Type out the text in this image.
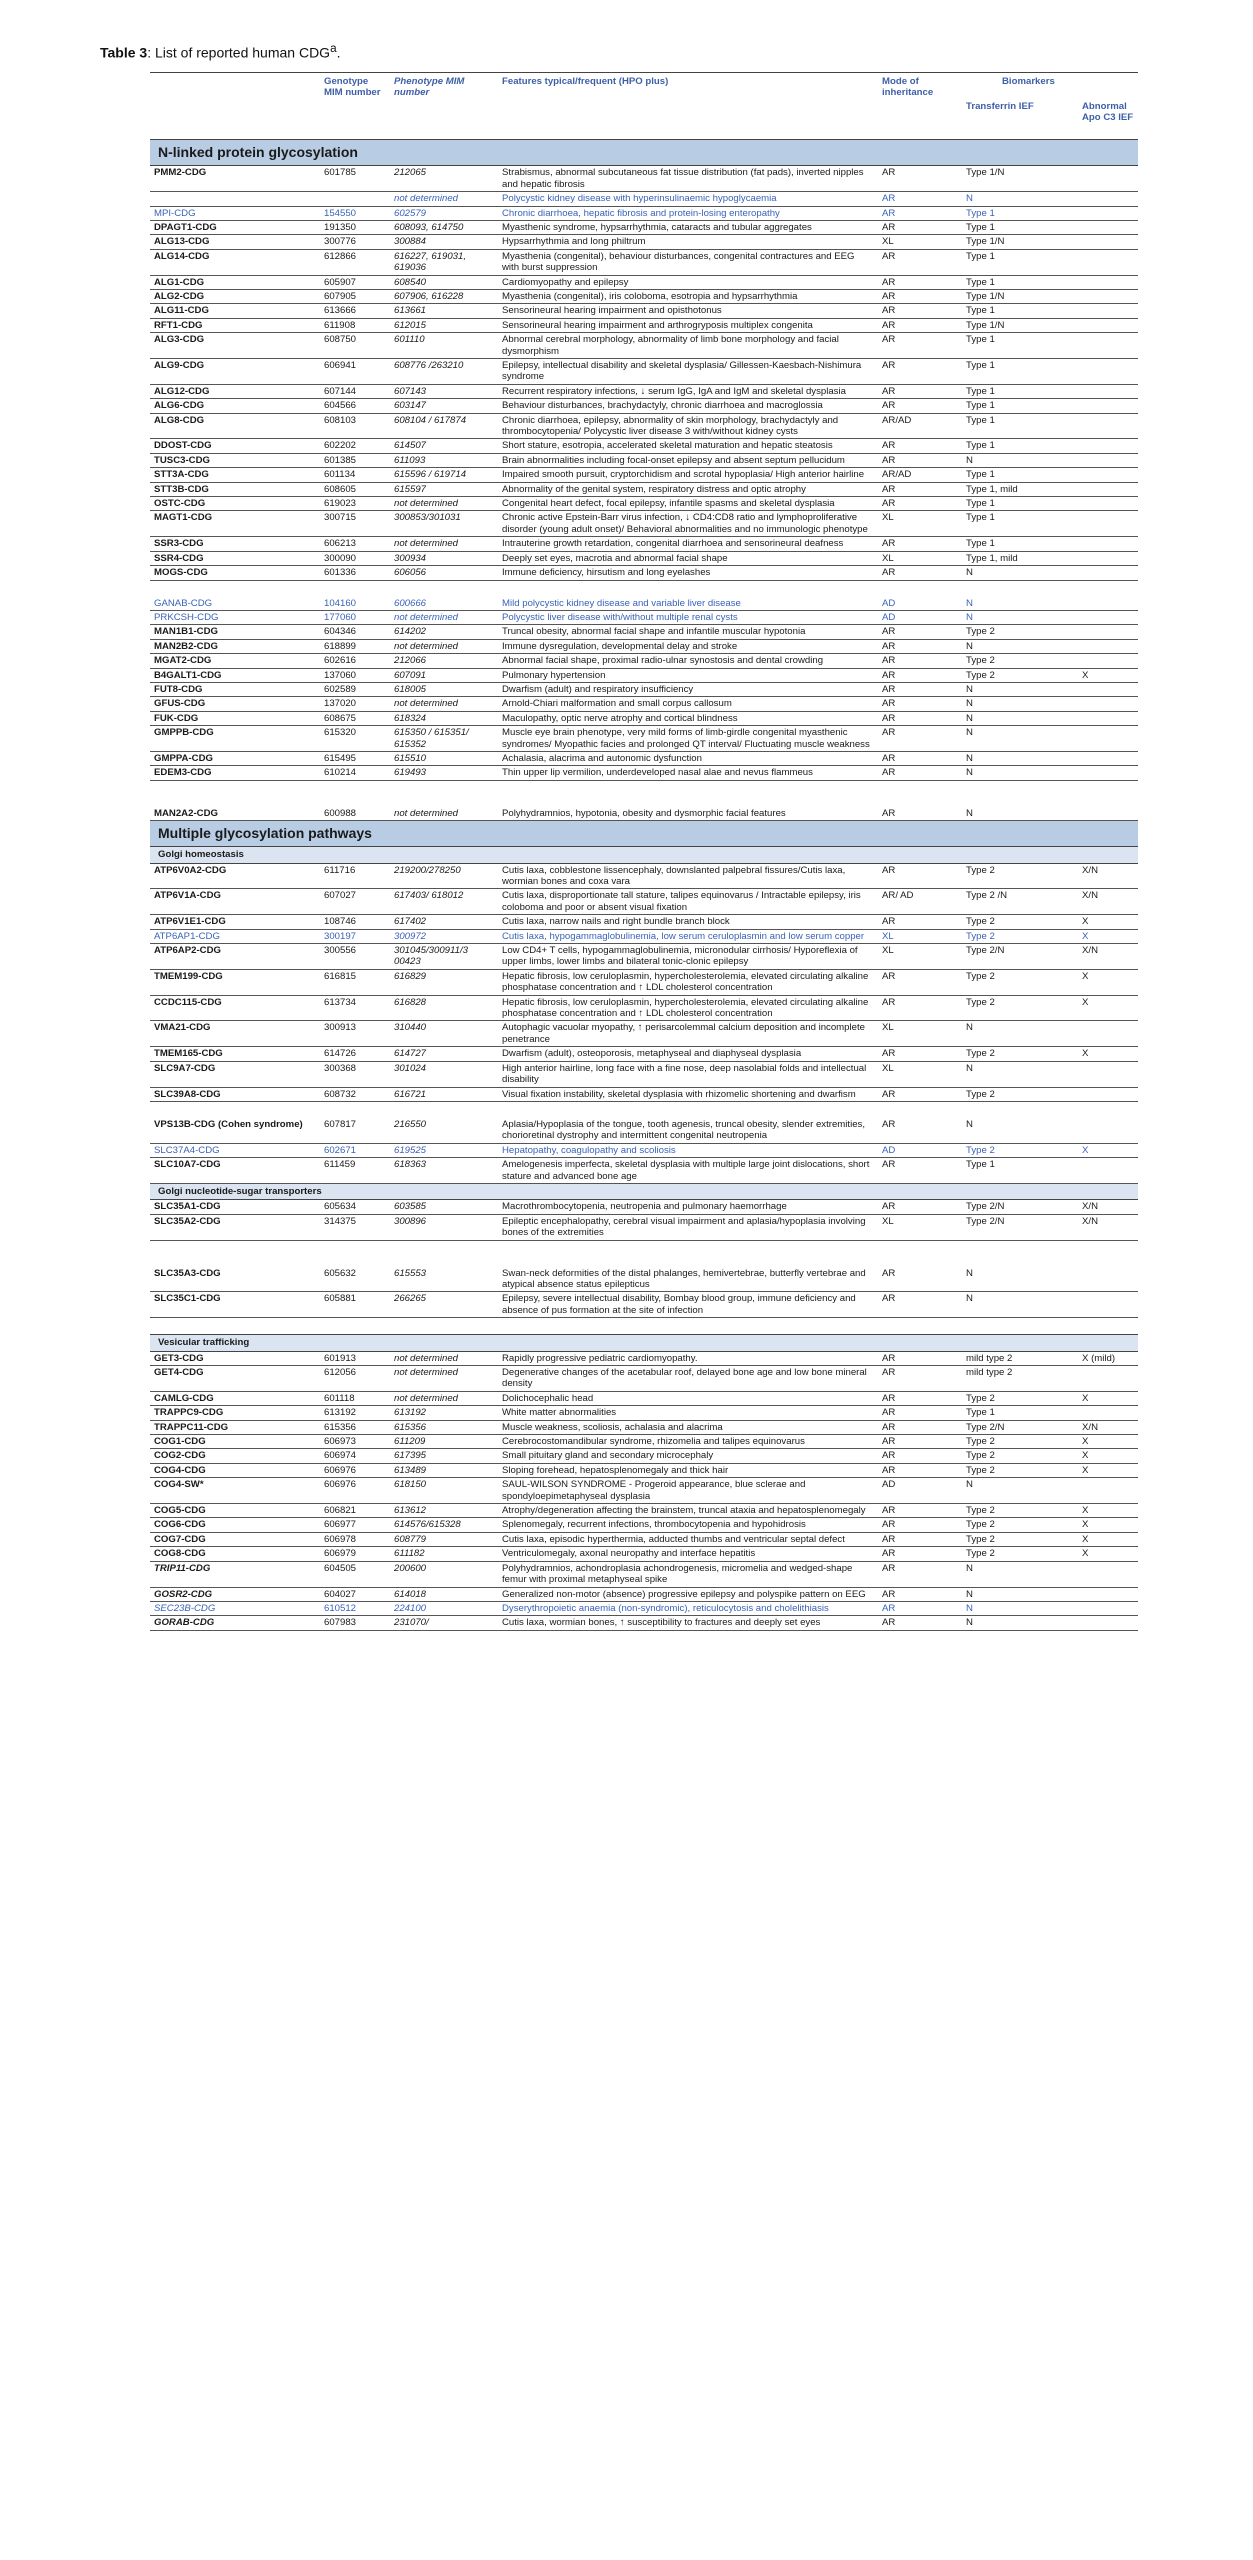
Table 3: List of reported human CDG$^a$.
	Genotype MIM number	Phenotype MIM number	Features typical/frequent (HPO plus)	Mode of inheritance	Biomarkers	
					Transferrin IEF	Abnormal Apo C3 IEF
N-linked protein glycosylation						
PMM2-CDG	601785	212065	Strabismus, abnormal subcutaneous fat tissue distribution (fat pads), inverted nipples and hepatic fibrosis	AR	Type 1/N	
		not determined	Polycystic kidney disease with hyperinsulinaemic hypoglycaemia	AR	N	
MPI-CDG	154550	602579	Chronic diarrhoea, hepatic fibrosis and protein-losing enteropathy	AR	Type 1	
DPAGT1-CDG	191350	608093, 614750	Myasthenic syndrome, hypsarrhythmia, cataracts and tubular aggregates	AR	Type 1	
ALG13-CDG	300776	300884	Hypsarrhythmia and long philtrum	XL	Type 1/N	
ALG14-CDG	612866	616227, 619031, 619036	Myasthenia (congenital), behaviour disturbances, congenital contractures and EEG with burst suppression	AR	Type 1	
ALG1-CDG	605907	608540	Cardiomyopathy and epilepsy	AR	Type 1	
ALG2-CDG	607905	607906, 616228	Myasthenia (congenital), iris coloboma, esotropia and hypsarrhythmia	AR	Type 1/N	
ALG11-CDG	613666	613661	Sensorineural hearing impairment and opisthotonus	AR	Type 1	
RFT1-CDG	611908	612015	Sensorineural hearing impairment and arthrogryposis multiplex congenita	AR	Type 1/N	
ALG3-CDG	608750	601110	Abnormal cerebral morphology, abnormality of limb bone morphology and facial dysmorphism	AR	Type 1	
ALG9-CDG	606941	608776 /263210	Epilepsy, intellectual disability and skeletal dysplasia/ Gillessen-Kaesbach-Nishimura syndrome	AR	Type 1	
ALG12-CDG	607144	607143	Recurrent respiratory infections, ↓ serum IgG, IgA and IgM and skeletal dysplasia	AR	Type 1	
ALG6-CDG	604566	603147	Behaviour disturbances, brachydactyly, chronic diarrhoea and macroglossia	AR	Type 1	
ALG8-CDG	608103	608104 / 617874	Chronic diarrhoea, epilepsy, abnormality of skin morphology, brachydactyly and thrombocytopenia/ Polycystic liver disease 3 with/without kidney cysts	AR/AD	Type 1	
DDOST-CDG	602202	614507	Short stature, esotropia, accelerated skeletal maturation and hepatic steatosis	AR	Type 1	
TUSC3-CDG	601385	611093	Brain abnormalities including focal-onset epilepsy and absent septum pellucidum	AR	N	
STT3A-CDG	601134	615596 / 619714	Impaired smooth pursuit, cryptorchidism and scrotal hypoplasia/ High anterior hairline	AR/AD	Type 1	
STT3B-CDG	608605	615597	Abnormality of the genital system, respiratory distress and optic atrophy	AR	Type 1, mild	
OSTC-CDG	619023	not determined	Congenital heart defect, focal epilepsy, infantile spasms and skeletal dysplasia	AR	Type 1	
MAGT1-CDG	300715	300853/301031	Chronic active Epstein-Barr virus infection, ↓ CD4:CD8 ratio and lymphoproliferative disorder (young adult onset)/ Behavioral abnormalities and no immunologic phenotype	XL	Type 1	
SSR3-CDG	606213	not determined	Intrauterine growth retardation, congenital diarrhoea and sensorineural deafness	AR	Type 1	
SSR4-CDG	300090	300934	Deeply set eyes, macrotia and abnormal facial shape	XL	Type 1, mild	
MOGS-CDG	601336	606056	Immune deficiency, hirsutism and long eyelashes	AR	N	

GANAB-CDG	104160	600666	Mild polycystic kidney disease and variable liver disease	AD	N	
PRKCSH-CDG	177060	not determined	Polycystic liver disease with/without multiple renal cysts	AD	N	
MAN1B1-CDG	604346	614202	Truncal obesity, abnormal facial shape and infantile muscular hypotonia	AR	Type 2	
MAN2B2-CDG	618899	not determined	Immune dysregulation, developmental delay and stroke	AR	N	
MGAT2-CDG	602616	212066	Abnormal facial shape, proximal radio-ulnar synostosis and dental crowding	AR	Type 2	
B4GALT1-CDG	137060	607091	Pulmonary hypertension	AR	Type 2	X
FUT8-CDG	602589	618005	Dwarfism (adult) and respiratory insufficiency	AR	N	
GFUS-CDG	137020	not determined	Arnold-Chiari malformation and small corpus callosum	AR	N	
FUK-CDG	608675	618324	Maculopathy, optic nerve atrophy and cortical blindness	AR	N	
GMPPB-CDG	615320	615350 / 615351/ 615352	Muscle eye brain phenotype, very mild forms of limb-girdle congenital myasthenic syndromes/ Myopathic facies and prolonged QT interval/ Fluctuating muscle weakness	AR	N	
GMPPA-CDG	615495	615510	Achalasia, alacrima and autonomic dysfunction	AR	N	
EDEM3-CDG	610214	619493	Thin upper lip vermilion, underdeveloped nasal alae and nevus flammeus	AR	N	

MAN2A2-CDG	600988	not determined	Polyhydramnios, hypotonia, obesity and dysmorphic facial features	AR	N	
Multiple glycosylation pathways						
Golgi homeostasis						
ATP6V0A2-CDG	611716	219200/278250	Cutis laxa, cobblestone lissencephaly, downslanted palpebral fissures/Cutis laxa, wormian bones and coxa vara	AR	Type 2	X/N
ATP6V1A-CDG	607027	617403/ 618012	Cutis laxa, disproportionate tall stature, talipes equinovarus / Intractable epilepsy, iris coloboma and poor or absent visual fixation	AR/ AD	Type 2 /N	X/N
ATP6V1E1-CDG	108746	617402	Cutis laxa, narrow nails and right bundle branch block	AR	Type 2	X
ATP6AP1-CDG	300197	300972	Cutis laxa, hypogammaglobulinemia, low serum ceruloplasmin and low serum copper	XL	Type 2	X
ATP6AP2-CDG	300556	301045/300911/3 00423	Low CD4+ T cells, hypogammaglobulinemia, micronodular cirrhosis/ Hyporeflexia of upper limbs, lower limbs and bilateral tonic-clonic epilepsy	XL	Type 2/N	X/N
TMEM199-CDG	616815	616829	Hepatic fibrosis, low ceruloplasmin, hypercholesterolemia, elevated circulating alkaline phosphatase concentration and ↑ LDL cholesterol concentration	AR	Type 2	X
CCDC115-CDG	613734	616828	Hepatic fibrosis, low ceruloplasmin, hypercholesterolemia, elevated circulating alkaline phosphatase concentration and ↑ LDL cholesterol concentration	AR	Type 2	X
VMA21-CDG	300913	310440	Autophagic vacuolar myopathy, ↑ perisarcolemmal calcium deposition and incomplete penetrance	XL	N	
TMEM165-CDG	614726	614727	Dwarfism (adult), osteoporosis, metaphyseal and diaphyseal dysplasia	AR	Type 2	X
SLC9A7-CDG	300368	301024	High anterior hairline, long face with a fine nose, deep nasolabial folds and intellectual disability	XL	N	
SLC39A8-CDG	608732	616721	Visual fixation instability, skeletal dysplasia with rhizomelic shortening and dwarfism	AR	Type 2	

VPS13B-CDG (Cohen syndrome)	607817	216550	Aplasia/Hypoplasia of the tongue, tooth agenesis, truncal obesity, slender extremities, chorioretinal dystrophy and intermittent congenital neutropenia	AR	N	
SLC37A4-CDG	602671	619525	Hepatopathy, coagulopathy and scoliosis	AD	Type 2	X
SLC10A7-CDG	611459	618363	Amelogenesis imperfecta, skeletal dysplasia with multiple large joint dislocations, short stature and advanced bone age	AR	Type 1	
Golgi nucleotide-sugar transporters						
SLC35A1-CDG	605634	603585	Macrothrombocytopenia, neutropenia and pulmonary haemorrhage	AR	Type 2/N	X/N
SLC35A2-CDG	314375	300896	Epileptic encephalopathy, cerebral visual impairment and aplasia/hypoplasia involving bones of the extremities	XL	Type 2/N	X/N

SLC35A3-CDG	605632	615553	Swan-neck deformities of the distal phalanges, hemivertebrae, butterfly vertebrae and atypical absence status epilepticus	AR	N	
SLC35C1-CDG	605881	266265	Epilepsy, severe intellectual disability, Bombay blood group, immune deficiency and absence of pus formation at the site of infection	AR	N	

Vesicular trafficking						
GET3-CDG	601913	not determined	Rapidly progressive pediatric cardiomyopathy.	AR	mild type 2	X (mild)
GET4-CDG	612056	not determined	Degenerative changes of the acetabular roof, delayed bone age and low bone mineral density	AR	mild type 2	
CAMLG-CDG	601118	not determined	Dolichocephalic head	AR	Type 2	X
TRAPPC9-CDG	613192	613192	White matter abnormalities	AR	Type 1	
TRAPPC11-CDG	615356	615356	Muscle weakness, scoliosis, achalasia and alacrima	AR	Type 2/N	X/N
COG1-CDG	606973	611209	Cerebrocostomandibular syndrome, rhizomelia and talipes equinovarus	AR	Type 2	X
COG2-CDG	606974	617395	Small pituitary gland and secondary microcephaly	AR	Type 2	X
COG4-CDG	606976	613489	Sloping forehead, hepatosplenomegaly and thick hair	AR	Type 2	X
COG4-SW*	606976	618150	SAUL-WILSON SYNDROME - Progeroid appearance, blue sclerae and spondyloepimetaphyseal dysplasia	AD	N	
COG5-CDG	606821	613612	Atrophy/degeneration affecting the brainstem, truncal ataxia and hepatosplenomegaly	AR	Type 2	X
COG6-CDG	606977	614576/615328	Splenomegaly, recurrent infections, thrombocytopenia and hypohidrosis	AR	Type 2	X
COG7-CDG	606978	608779	Cutis laxa, episodic hyperthermia, adducted thumbs and ventricular septal defect	AR	Type 2	X
COG8-CDG	606979	611182	Ventriculomegaly, axonal neuropathy and interface hepatitis	AR	Type 2	X
TRIP11-CDG	604505	200600	Polyhydramnios, achondroplasia achondrogenesis, micromelia and wedged-shape femur with proximal metaphyseal spike	AR	N	
GOSR2-CDG	604027	614018	Generalized non-motor (absence) progressive epilepsy and polyspike pattern on EEG	AR	N	
SEC23B-CDG	610512	224100	Dyserythropoietic anaemia (non-syndromic), reticulocytosis and cholelithiasis	AR	N	
GORAB-CDG	607983	231070/	Cutis laxa, wormian bones, ↑ susceptibility to fractures and deeply set eyes	AR	N	
